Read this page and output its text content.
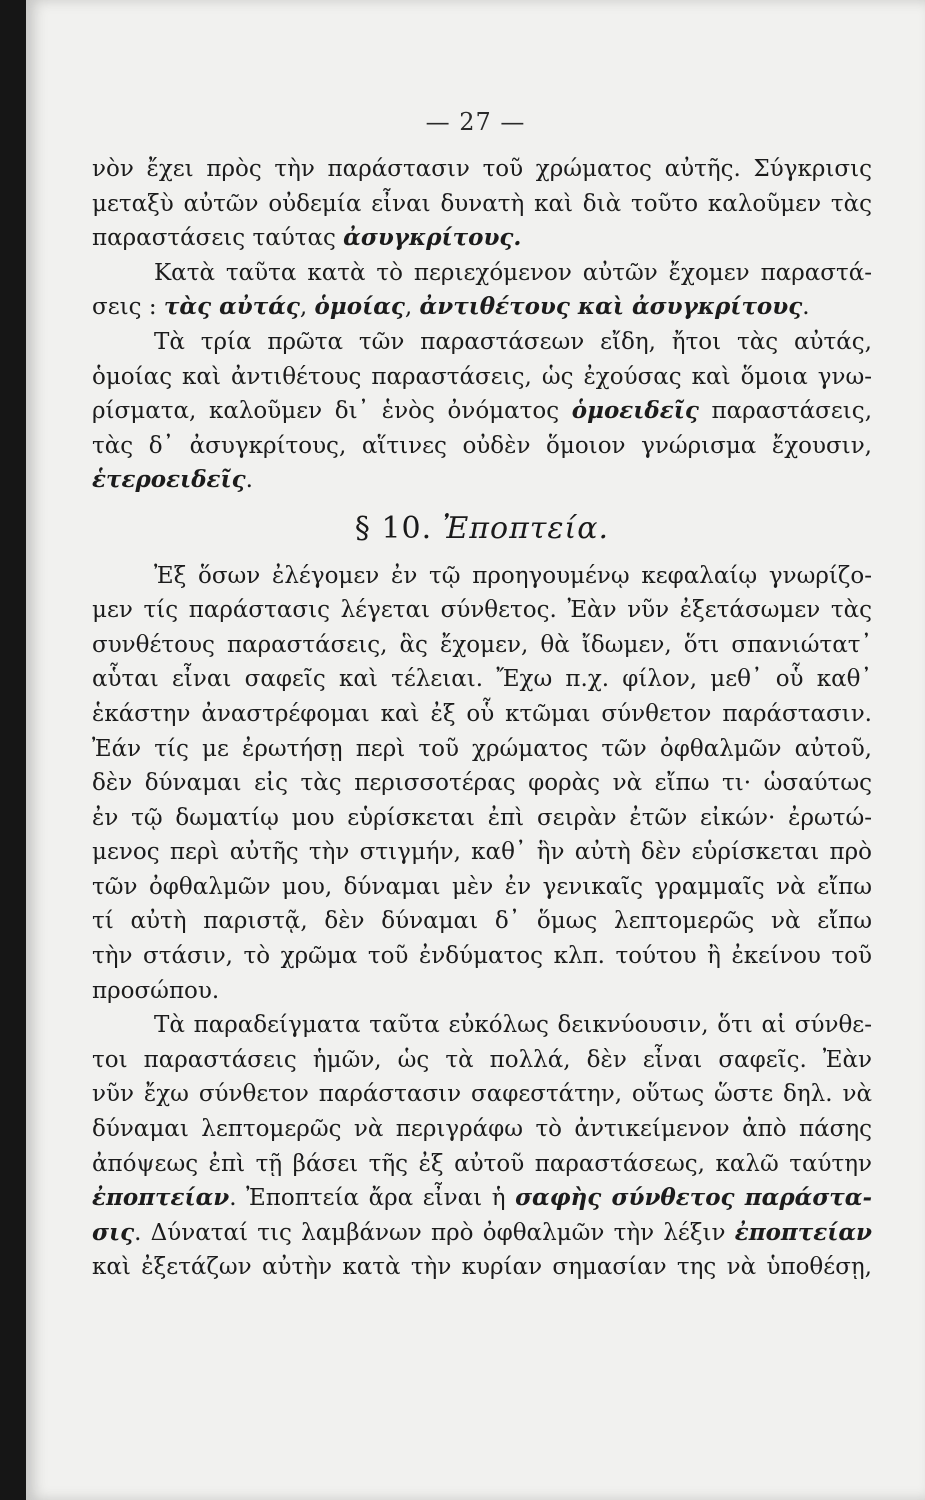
— 27 —

νὸν ἔχει πρὸς τὴν παράστασιν τοῦ χρώματος αὐτῆς. Σύγκρισις
μεταξὺ αὐτῶν οὐδεμία εἶναι δυνατὴ καὶ διὰ τοῦτο καλοῦμεν τὰς
παραστάσεις ταύτας ἀσυγκρίτους.

Κατὰ ταῦτα κατὰ τὸ περιεχόμενον αὐτῶν ἔχομεν παραστά-
σεις : τὰς αὐτάς, ὁμοίας, ἀντιθέτους καὶ ἀσυγκρίτους.

Τὰ τρία πρῶτα τῶν παραστάσεων εἴδη, ἤτοι τὰς αὐτάς,
ὁμοίας καὶ ἀντιθέτους παραστάσεις, ὡς ἐχούσας καὶ ὅμοια γνω-
ρίσματα, καλοῦμεν δι᾿ ἑνὸς ὀνόματος ὁμοειδεῖς παραστάσεις,
τὰς δ᾿ ἀσυγκρίτους, αἵτινες οὐδὲν ὅμοιον γνώρισμα ἔχουσιν,
ἑτεροειδεῖς.

§ 10. Ἐποπτεία.

Ἐξ ὅσων ἐλέγομεν ἐν τῷ προηγουμένῳ κεφαλαίῳ γνωρίζο-
μεν τίς παράστασις λέγεται σύνθετος. Ἐὰν νῦν ἐξετάσωμεν τὰς
συνθέτους παραστάσεις, ἃς ἔχομεν, θὰ ἴδωμεν, ὅτι σπανιώτατ᾿
αὗται εἶναι σαφεῖς καὶ τέλειαι. Ἔχω π.χ. φίλον, μεθ᾿ οὗ καθ᾿
ἑκάστην ἀναστρέφομαι καὶ ἐξ οὗ κτῶμαι σύνθετον παράστασιν.
Ἐάν τίς με ἐρωτήσῃ περὶ τοῦ χρώματος τῶν ὀφθαλμῶν αὐτοῦ,
δὲν δύναμαι εἰς τὰς περισσοτέρας φορὰς νὰ εἴπω τι· ὡσαύτως
ἐν τῷ δωματίῳ μου εὑρίσκεται ἐπὶ σειρὰν ἐτῶν εἰκών· ἐρωτώ-
μενος περὶ αὐτῆς τὴν στιγμήν, καθ᾿ ἣν αὐτὴ δὲν εὑρίσκεται πρὸ
τῶν ὀφθαλμῶν μου, δύναμαι μὲν ἐν γενικαῖς γραμμαῖς νὰ εἴπω
τί αὐτὴ παριστᾷ, δὲν δύναμαι δ᾿ ὅμως λεπτομερῶς νὰ εἴπω
τὴν στάσιν, τὸ χρῶμα τοῦ ἐνδύματος κλπ. τούτου ἢ ἐκείνου τοῦ
προσώπου.

Τὰ παραδείγματα ταῦτα εὐκόλως δεικνύουσιν, ὅτι αἱ σύνθε-
τοι παραστάσεις ἡμῶν, ὡς τὰ πολλά, δὲν εἶναι σαφεῖς. Ἐὰν
νῦν ἔχω σύνθετον παράστασιν σαφεστάτην, οὕτως ὥστε δηλ. νὰ
δύναμαι λεπτομερῶς νὰ περιγράφω τὸ ἀντικείμενον ἀπὸ πάσης
ἀπόψεως ἐπὶ τῇ βάσει τῆς ἐξ αὐτοῦ παραστάσεως, καλῶ ταύτην
ἐποπτείαν. Ἐποπτεία ἄρα εἶναι ἡ σαφὴς σύνθετος παράστα-
σις. Δύναταί τις λαμβάνων πρὸ ὀφθαλμῶν τὴν λέξιν ἐποπτείαν
καὶ ἐξετάζων αὐτὴν κατὰ τὴν κυρίαν σημασίαν της νὰ ὑποθέσῃ,
